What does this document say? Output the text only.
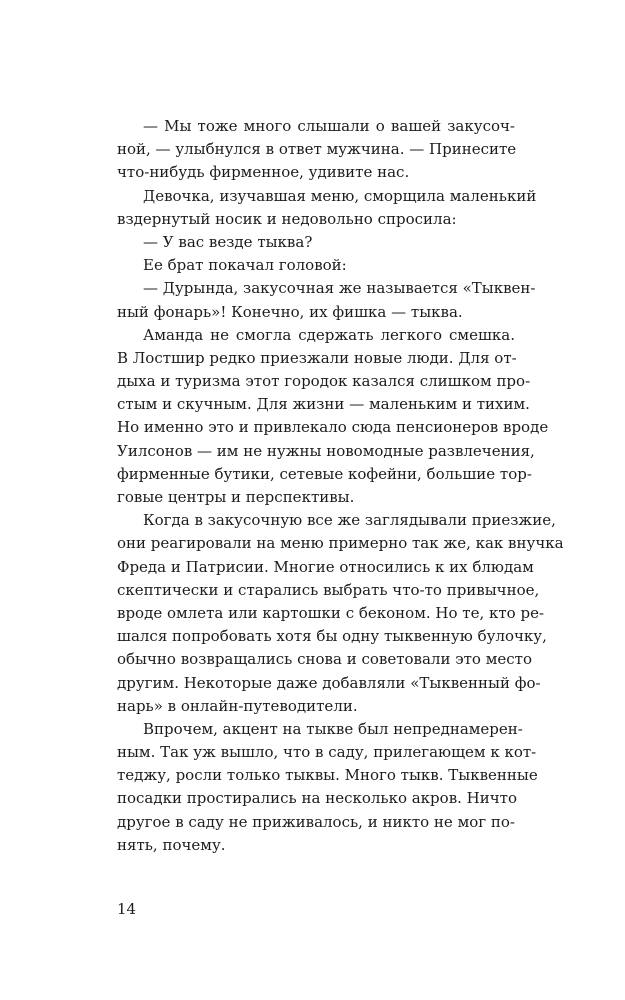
— Мы тоже много слышали о вашей закусоч-
ной, — улыбнулся в ответ мужчина. — Принесите
что-нибудь фирменное, удивите нас.
Девочка, изучавшая меню, сморщила маленький
вздернутый носик и недовольно спросила:
— У вас везде тыква?
Ее брат покачал головой:
— Дурында, закусочная же называется «Тыквен-
ный фонарь»! Конечно, их фишка — тыква.
Аманда не смогла сдержать легкого смешка.
В Лостшир редко приезжали новые люди. Для от-
дыха и туризма этот городок казался слишком про-
стым и скучным. Для жизни — маленьким и тихим.
Но именно это и привлекало сюда пенсионеров вроде
Уилсонов — им не нужны новомодные развлечения,
фирменные бутики, сетевые кофейни, большие тор-
говые центры и перспективы.
Когда в закусочную все же заглядывали приезжие,
они реагировали на меню примерно так же, как внучка
Фреда и Патрисии. Многие относились к их блюдам
скептически и старались выбрать что-то привычное,
вроде омлета или картошки с беконом. Но те, кто ре-
шался попробовать хотя бы одну тыквенную булочку,
обычно возвращались снова и советовали это место
другим. Некоторые даже добавляли «Тыквенный фо-
нарь» в онлайн-путеводители.
Впрочем, акцент на тыкве был непреднамерен-
ным. Так уж вышло, что в саду, прилегающем к кот-
теджу, росли только тыквы. Много тыкв. Тыквенные
посадки простирались на несколько акров. Ничто
другое в саду не приживалось, и никто не мог по-
нять, почему.
14
